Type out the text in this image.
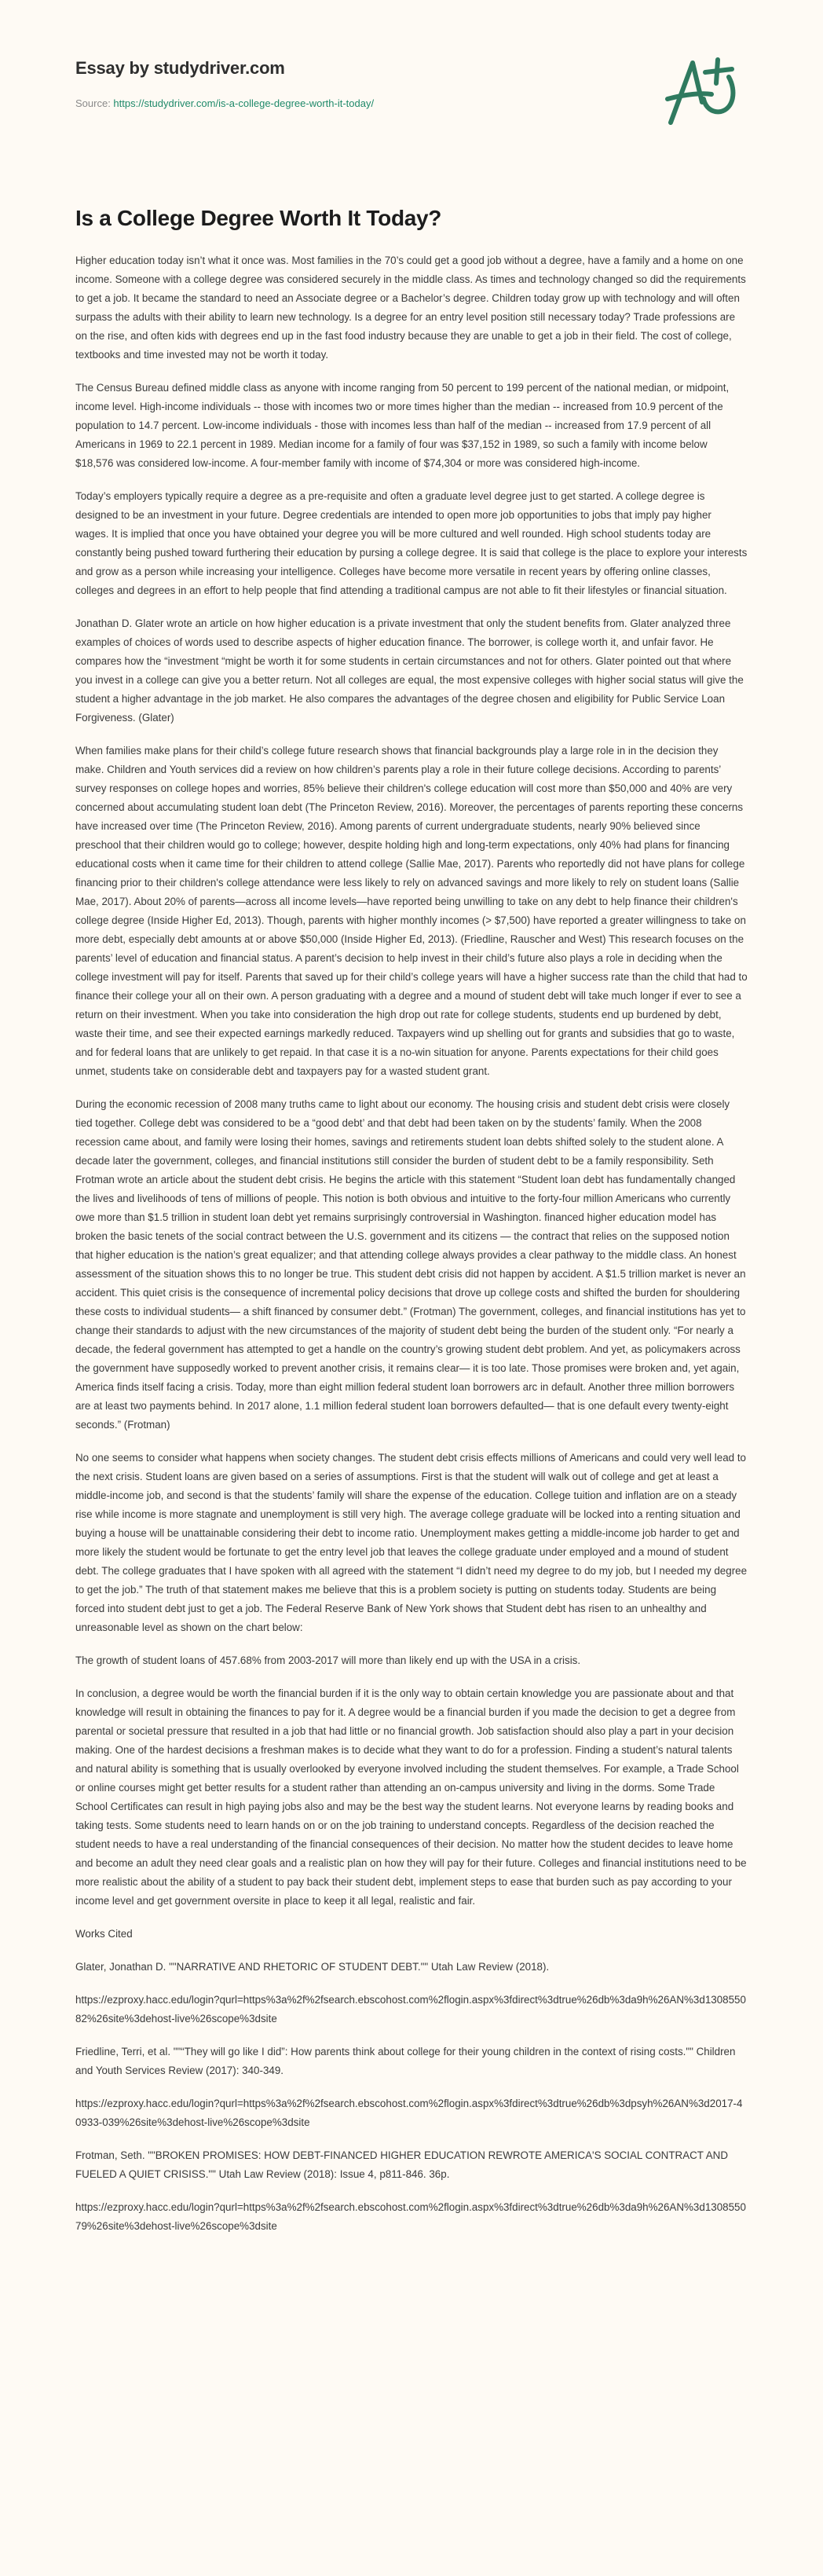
Essay by studydriver.com
Source: https://studydriver.com/is-a-college-degree-worth-it-today/
Is a College Degree Worth It Today?

Higher education today isn’t what it once was. Most families in the 70’s could get a good job without a degree, have a family and a home on one income. Someone with a college degree was considered securely in the middle class. As times and technology changed so did the requirements to get a job. It became the standard to need an Associate degree or a Bachelor’s degree. Children today grow up with technology and will often surpass the adults with their ability to learn new technology. Is a degree for an entry level position still necessary today? Trade professions are on the rise, and often kids with degrees end up in the fast food industry because they are unable to get a job in their field. The cost of college, textbooks and time invested may not be worth it today.

The Census Bureau defined middle class as anyone with income ranging from 50 percent to 199 percent of the national median, or midpoint, income level. High-income individuals -- those with incomes two or more times higher than the median -- increased from 10.9 percent of the population to 14.7 percent. Low-income individuals - those with incomes less than half of the median -- increased from 17.9 percent of all Americans in 1969 to 22.1 percent in 1989. Median income for a family of four was $37,152 in 1989, so such a family with income below $18,576 was considered low-income. A four-member family with income of $74,304 or more was considered high-income.

Today’s employers typically require a degree as a pre-requisite and often a graduate level degree just to get started. A college degree is designed to be an investment in your future. Degree credentials are intended to open more job opportunities to jobs that imply pay higher wages. It is implied that once you have obtained your degree you will be more cultured and well rounded. High school students today are constantly being pushed toward furthering their education by pursing a college degree. It is said that college is the place to explore your interests and grow as a person while increasing your intelligence. Colleges have become more versatile in recent years by offering online classes, colleges and degrees in an effort to help people that find attending a traditional campus are not able to fit their lifestyles or financial situation.

Jonathan D. Glater wrote an article on how higher education is a private investment that only the student benefits from. Glater analyzed three examples of choices of words used to describe aspects of higher education finance. The borrower, is college worth it, and unfair favor. He compares how the “investment “might be worth it for some students in certain circumstances and not for others. Glater pointed out that where you invest in a college can give you a better return. Not all colleges are equal, the most expensive colleges with higher social status will give the student a higher advantage in the job market. He also compares the advantages of the degree chosen and eligibility for Public Service Loan Forgiveness. (Glater)

When families make plans for their child’s college future research shows that financial backgrounds play a large role in in the decision they make. Children and Youth services did a review on how children’s parents play a role in their future college decisions. According to parents’ survey responses on college hopes and worries, 85% believe their children's college education will cost more than $50,000 and 40% are very concerned about accumulating student loan debt (The Princeton Review, 2016). Moreover, the percentages of parents reporting these concerns have increased over time (The Princeton Review, 2016). Among parents of current undergraduate students, nearly 90% believed since preschool that their children would go to college; however, despite holding high and long-term expectations, only 40% had plans for financing educational costs when it came time for their children to attend college (Sallie Mae, 2017). Parents who reportedly did not have plans for college financing prior to their children's college attendance were less likely to rely on advanced savings and more likely to rely on student loans (Sallie Mae, 2017). About 20% of parents—across all income levels—have reported being unwilling to take on any debt to help finance their children's college degree (Inside Higher Ed, 2013). Though, parents with higher monthly incomes (> $7,500) have reported a greater willingness to take on more debt, especially debt amounts at or above $50,000 (Inside Higher Ed, 2013). (Friedline, Rauscher and West) This research focuses on the parents’ level of education and financial status. A parent’s decision to help invest in their child’s future also plays a role in deciding when the college investment will pay for itself. Parents that saved up for their child’s college years will have a higher success rate than the child that had to finance their college your all on their own. A person graduating with a degree and a mound of student debt will take much longer if ever to see a return on their investment. When you take into consideration the high drop out rate for college students, students end up burdened by debt, waste their time, and see their expected earnings markedly reduced. Taxpayers wind up shelling out for grants and subsidies that go to waste, and for federal loans that are unlikely to get repaid. In that case it is a no-win situation for anyone. Parents expectations for their child goes unmet, students take on considerable debt and taxpayers pay for a wasted student grant.

During the economic recession of 2008 many truths came to light about our economy. The housing crisis and student debt crisis were closely tied together. College debt was considered to be a “good debt’ and that debt had been taken on by the students’ family. When the 2008 recession came about, and family were losing their homes, savings and retirements student loan debts shifted solely to the student alone. A decade later the government, colleges, and financial institutions still consider the burden of student debt to be a family responsibility. Seth Frotman wrote an article about the student debt crisis. He begins the article with this statement “Student loan debt has fundamentally changed the lives and livelihoods of tens of millions of people. This notion is both obvious and intuitive to the forty-four million Americans who currently owe more than $1.5 trillion in student loan debt yet remains surprisingly controversial in Washington. financed higher education model has broken the basic tenets of the social contract between the U.S. government and its citizens — the contract that relies on the supposed notion that higher education is the nation’s great equalizer; and that attending college always provides a clear pathway to the middle class. An honest assessment of the situation shows this to no longer be true. This student debt crisis did not happen by accident. A $1.5 trillion market is never an accident. This quiet crisis is the consequence of incremental policy decisions that drove up college costs and shifted the burden for shouldering these costs to individual students— a shift financed by consumer debt.” (Frotman) The government, colleges, and financial institutions has yet to change their standards to adjust with the new circumstances of the majority of student debt being the burden of the student only. “For nearly a decade, the federal government has attempted to get a handle on the country’s growing student debt problem. And yet, as policymakers across the government have supposedly worked to prevent another crisis, it remains clear— it is too late. Those promises were broken and, yet again, America finds itself facing a crisis. Today, more than eight million federal student loan borrowers arc in default. Another three million borrowers are at least two payments behind. In 2017 alone, 1.1 million federal student loan borrowers defaulted— that is one default every twenty-eight seconds.” (Frotman)

No one seems to consider what happens when society changes. The student debt crisis effects millions of Americans and could very well lead to the next crisis. Student loans are given based on a series of assumptions. First is that the student will walk out of college and get at least a middle-income job, and second is that the students’ family will share the expense of the education. College tuition and inflation are on a steady rise while income is more stagnate and unemployment is still very high. The average college graduate will be locked into a renting situation and buying a house will be unattainable considering their debt to income ratio. Unemployment makes getting a middle-income job harder to get and more likely the student would be fortunate to get the entry level job that leaves the college graduate under employed and a mound of student debt. The college graduates that I have spoken with all agreed with the statement “I didn’t need my degree to do my job, but I needed my degree to get the job.” The truth of that statement makes me believe that this is a problem society is putting on students today. Students are being forced into student debt just to get a job. The Federal Reserve Bank of New York shows that Student debt has risen to an unhealthy and unreasonable level as shown on the chart below:

The growth of student loans of 457.68% from 2003-2017 will more than likely end up with the USA in a crisis.

In conclusion, a degree would be worth the financial burden if it is the only way to obtain certain knowledge you are passionate about and that knowledge will result in obtaining the finances to pay for it. A degree would be a financial burden if you made the decision to get a degree from parental or societal pressure that resulted in a job that had little or no financial growth. Job satisfaction should also play a part in your decision making. One of the hardest decisions a freshman makes is to decide what they want to do for a profession. Finding a student’s natural talents and natural ability is something that is usually overlooked by everyone involved including the student themselves. For example, a Trade School or online courses might get better results for a student rather than attending an on-campus university and living in the dorms. Some Trade School Certificates can result in high paying jobs also and may be the best way the student learns. Not everyone learns by reading books and taking tests. Some students need to learn hands on or on the job training to understand concepts. Regardless of the decision reached the student needs to have a real understanding of the financial consequences of their decision. No matter how the student decides to leave home and become an adult they need clear goals and a realistic plan on how they will pay for their future. Colleges and financial institutions need to be more realistic about the ability of a student to pay back their student debt, implement steps to ease that burden such as pay according to your income level and get government oversite in place to keep it all legal, realistic and fair.

Works Cited

Glater, Jonathan D. ""NARRATIVE AND RHETORIC OF STUDENT DEBT."" Utah Law Review (2018).

https://ezproxy.hacc.edu/login?qurl=https%3a%2f%2fsearch.ebscohost.com%2flogin.aspx%3fdirect%3dtrue%26db%3da9h%26AN%3d130855082%26site%3dehost-live%26scope%3dsite

Friedline, Terri, et al. ""“They will go like I did”: How parents think about college for their young children in the context of rising costs."" Children and Youth Services Review (2017): 340-349.

https://ezproxy.hacc.edu/login?qurl=https%3a%2f%2fsearch.ebscohost.com%2flogin.aspx%3fdirect%3dtrue%26db%3dpsyh%26AN%3d2017-40933-039%26site%3dehost-live%26scope%3dsite

Frotman, Seth. ""BROKEN PROMISES: HOW DEBT-FINANCED HIGHER EDUCATION REWROTE AMERICA'S SOCIAL CONTRACT AND FUELED A QUIET CRISISS."" Utah Law Review (2018): Issue 4, p811-846. 36p.

https://ezproxy.hacc.edu/login?qurl=https%3a%2f%2fsearch.ebscohost.com%2flogin.aspx%3fdirect%3dtrue%26db%3da9h%26AN%3d130855079%26site%3dehost-live%26scope%3dsite
